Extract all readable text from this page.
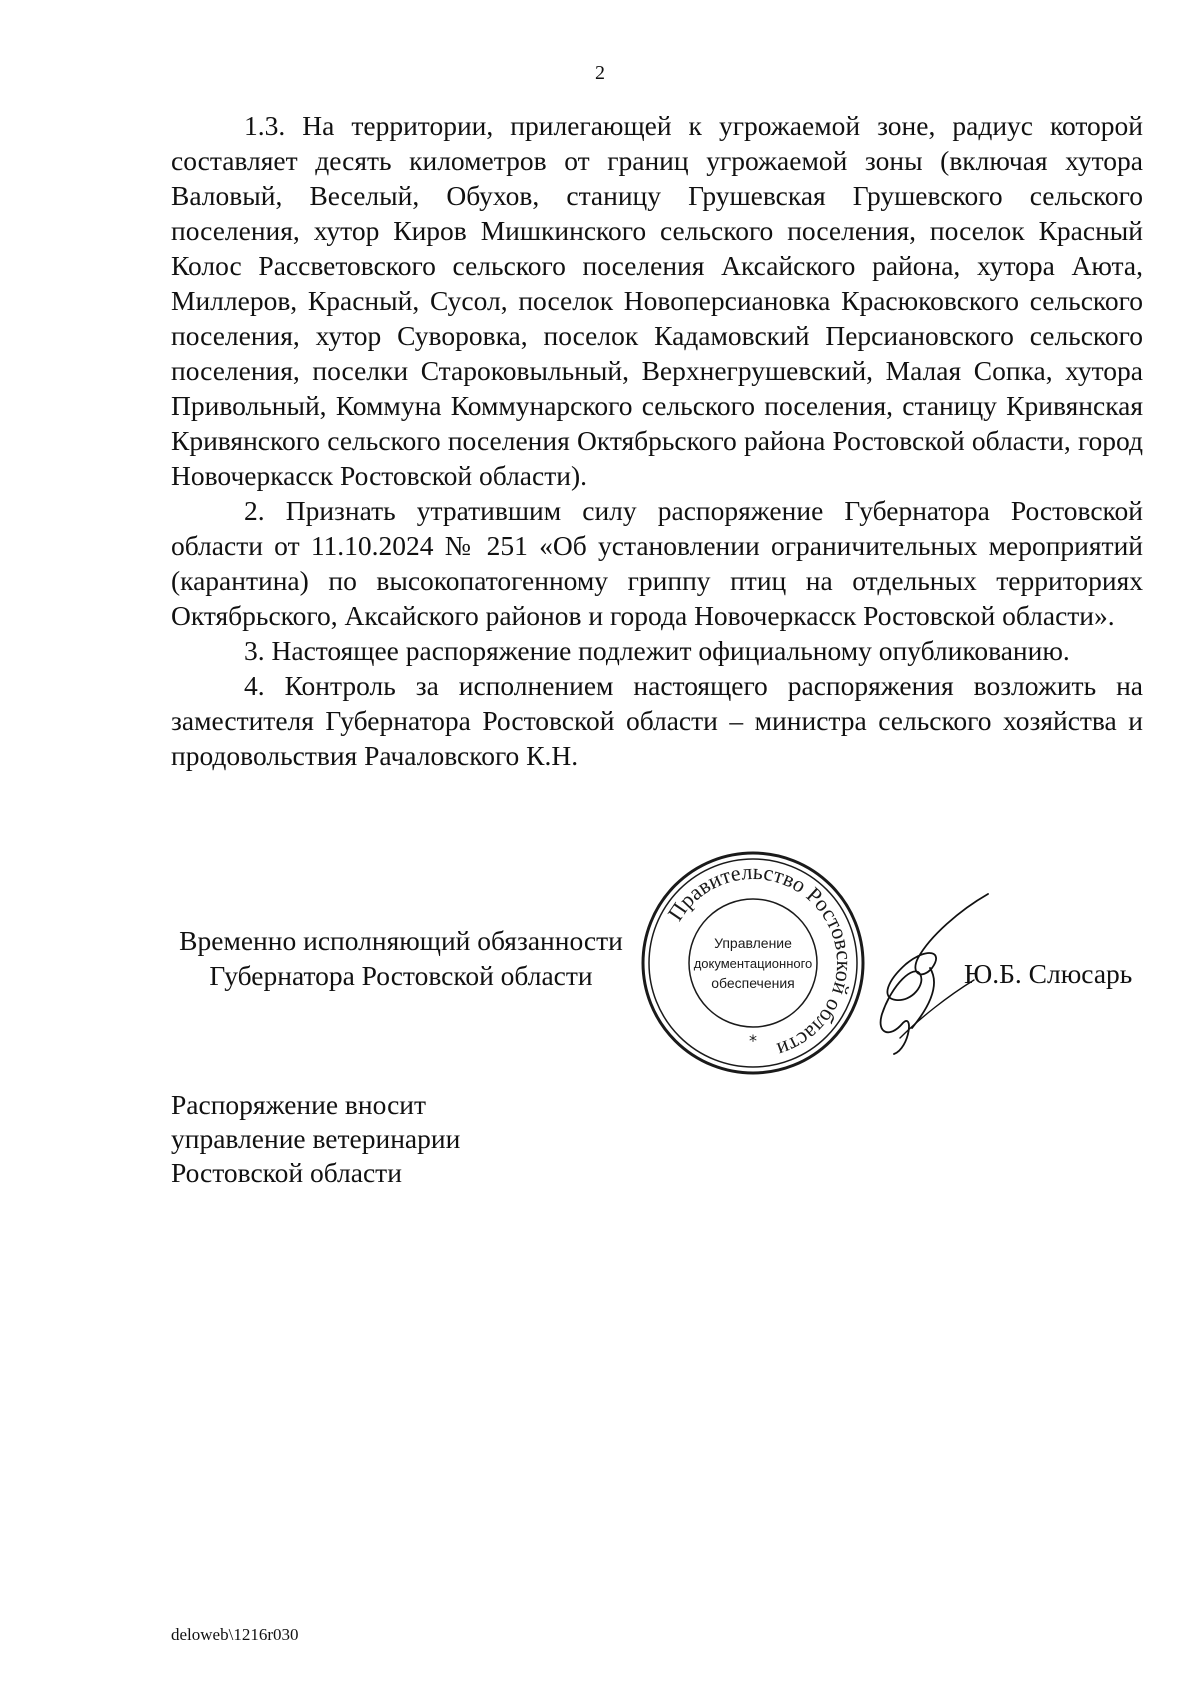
2

1.3. На территории, прилегающей к угрожаемой зоне, радиус которой составляет десять километров от границ угрожаемой зоны (включая хутора Валовый, Веселый, Обухов, станицу Грушевская Грушевского сельского поселения, хутор Киров Мишкинского сельского поселения, поселок Красный Колос Рассветовского сельского поселения Аксайского района, хутора Аюта, Миллеров, Красный, Сусол, поселок Новоперсиановка Красюковского сельского поселения, хутор Суворовка, поселок Кадамовский Персиановского сельского поселения, поселки Староковыльный, Верхнегрушевский, Малая Сопка, хутора Привольный, Коммуна Коммунарского сельского поселения, станицу Кривянская Кривянского сельского поселения Октябрьского района Ростовской области, город Новочеркасск Ростовской области).

2. Признать утратившим силу распоряжение Губернатора Ростовской области от 11.10.2024 № 251 «Об установлении ограничительных мероприятий (карантина) по высокопатогенному гриппу птиц на отдельных территориях Октябрьского, Аксайского районов и города Новочеркасск Ростовской области».

3. Настоящее распоряжение подлежит официальному опубликованию.

4. Контроль за исполнением настоящего распоряжения возложить на заместителя Губернатора Ростовской области – министра сельского хозяйства и продовольствия Рачаловского К.Н.

Временно исполняющий обязанности
Губернатора Ростовской области
Правительство Ростовской области
Управление
документационного
обеспечения
*
Ю.Б. Слюсарь
Распоряжение вносит
управление ветеринарии
Ростовской области
deloweb\1216r030
